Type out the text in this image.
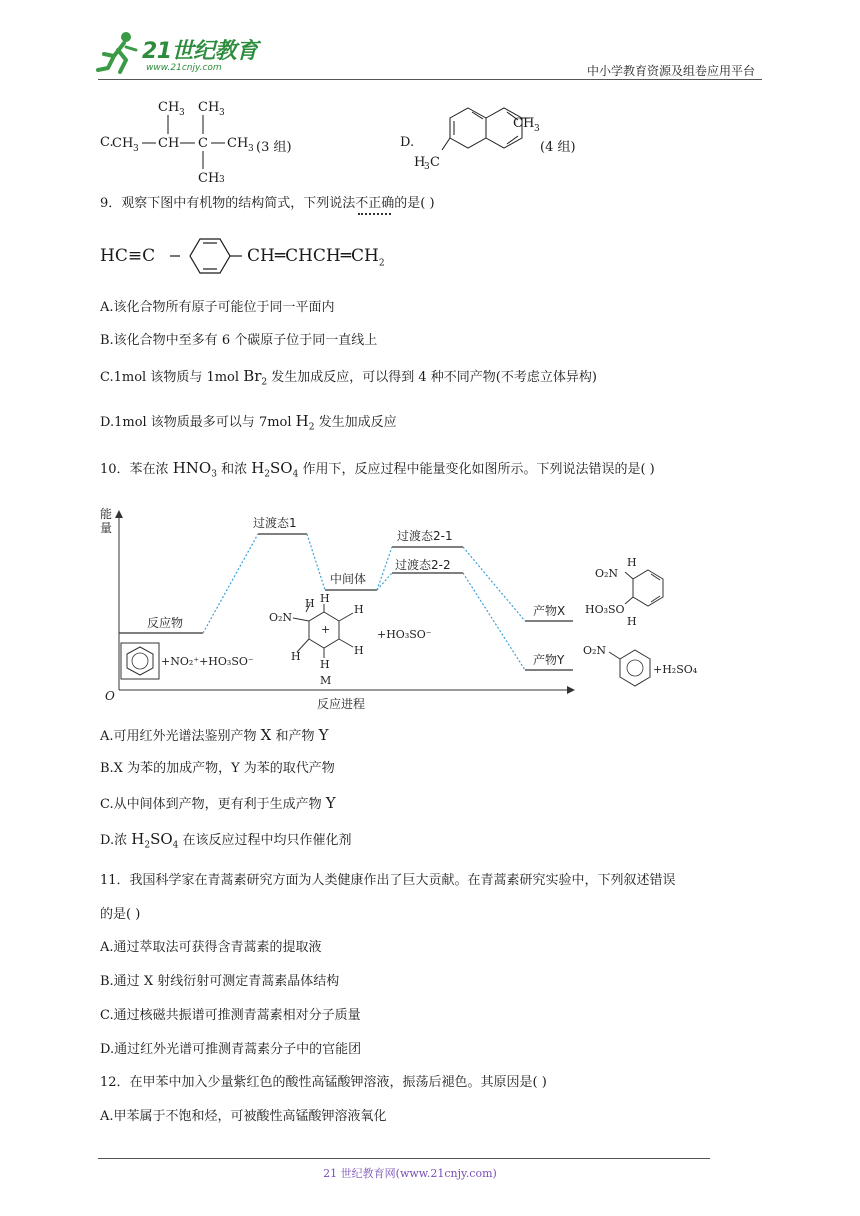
21世纪教育
www.21cnjy.com	中小学教育资源及组卷应用平台
C.
CH 3 CH 3
CH 3 CH C CH 3
CH 3
(3 组)	D.
CH 3
H
3 C
(4 组)
9．观察下图中有机物的结构简式，下列说法不正确的是( )
HC≡C	$CH═CHCH═CH_2$
A.该化合物所有原子可能位于同一平面内
B.该化合物中至多有 6 个碳原子位于同一直线上
C.1mol 该物质与 1mol $Br_2$ 发生加成反应，可以得到 4 种不同产物(不考虑立体异构)
D.1mol 该物质最多可以与 7mol $H_2$ 发生加成反应
10．苯在浓 $HNO_3$ 和浓 $H_2SO_4$ 作用下，反应过程中能量变化如图所示。下列说法错误的是( )
能
量
O
反应进程
反应物
过渡态1
中间体
过渡态2-1
过渡态2-2
产物X
产物Y
+NO₂⁺+HO₃SO⁻
O₂N
H H
H
+
H
H
H
M
+HO₃SO⁻
H
O₂N
HO₃SO
H
O₂N
+H₂SO₄
A.可用红外光谱法鉴别产物 X 和产物 Y
B.X 为苯的加成产物，Y 为苯的取代产物
C.从中间体到产物，更有利于生成产物 Y
D.浓 $H_2SO_4$ 在该反应过程中均只作催化剂
11．我国科学家在青蒿素研究方面为人类健康作出了巨大贡献。在青蒿素研究实验中，下列叙述错误
的是( )
A.通过萃取法可获得含青蒿素的提取液
B.通过 X 射线衍射可测定青蒿素晶体结构
C.通过核磁共振谱可推测青蒿素相对分子质量
D.通过红外光谱可推测青蒿素分子中的官能团
12．在甲苯中加入少量紫红色的酸性高锰酸钾溶液，振荡后褪色。其原因是( )
A.甲苯属于不饱和烃，可被酸性高锰酸钾溶液氧化
21 世纪教育网(www.21cnjy.com)
